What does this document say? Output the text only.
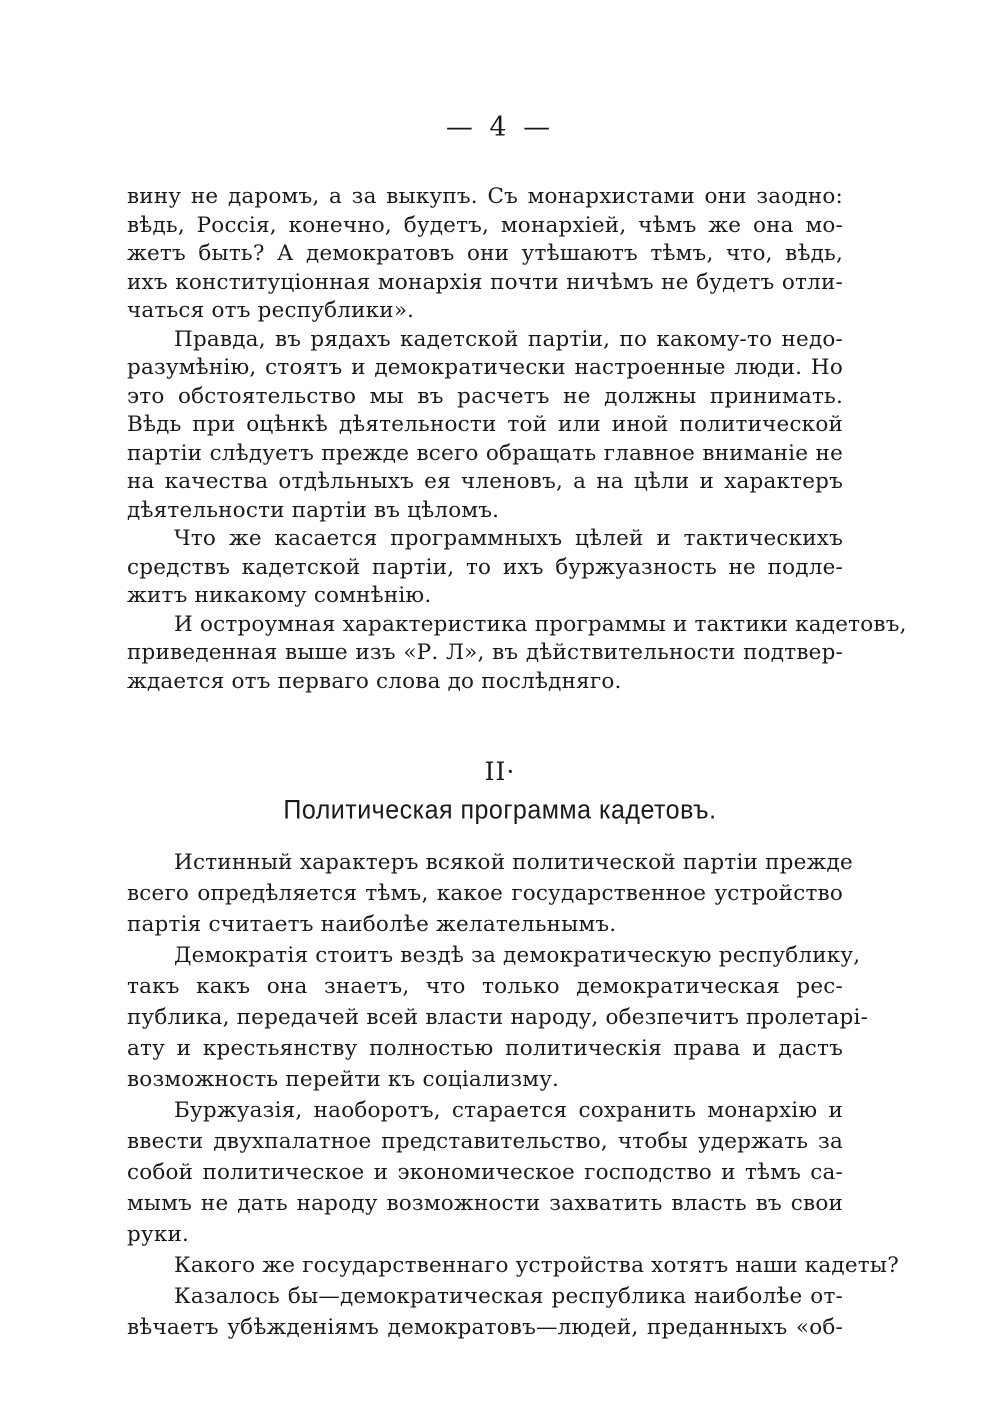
— 4 —
вину не даромъ, а за выкупъ. Съ монархистами они заодно:
вѣдь, Россія, конечно, будетъ, монархіей, чѣмъ же она мо-
жетъ быть? А демократовъ они утѣшаютъ тѣмъ, что, вѣдь,
ихъ конституціонная монархія почти ничѣмъ не будетъ отли-
чаться отъ республики».
Правда, въ рядахъ кадетской партіи, по какому-то недо-
разумѣнію, стоятъ и демократически настроенные люди. Но
это обстоятельство мы въ расчетъ не должны принимать.
Вѣдь при оцѣнкѣ дѣятельности той или иной политической
партіи слѣдуетъ прежде всего обращать главное вниманіе не
на качества отдѣльныхъ ея членовъ, а на цѣли и характеръ
дѣятельности партіи въ цѣломъ.
Что же касается программныхъ цѣлей и тактическихъ
средствъ кадетской партіи, то ихъ буржуазность не подле-
житъ никакому сомнѣнію.
И остроумная характеристика программы и тактики кадетовъ,
приведенная выше изъ «Р. Л», въ дѣйствительности подтвер-
ждается отъ перваго слова до послѣдняго.
II·
Политическая программа кадетовъ.
Истинный характеръ всякой политической партіи прежде
всего опредѣляется тѣмъ, какое государственное устройство
партія считаетъ наиболѣе желательнымъ.
Демократія стоитъ вездѣ за демократическую республику,
такъ какъ она знаетъ, что только демократическая рес-
публика, передачей всей власти народу, обезпечитъ пролетарі-
ату и крестьянству полностью политическія права и дастъ
возможность перейти къ соціализму.
Буржуазія, наоборотъ, старается сохранить монархію и
ввести двухпалатное представительство, чтобы удержать за
собой политическое и экономическое господство и тѣмъ са-
мымъ не дать народу возможности захватить власть въ свои
руки.
Какого же государственнаго устройства хотятъ наши кадеты?
Казалось бы—демократическая республика наиболѣе от-
вѣчаетъ убѣжденіямъ демократовъ—людей, преданныхъ «об-
